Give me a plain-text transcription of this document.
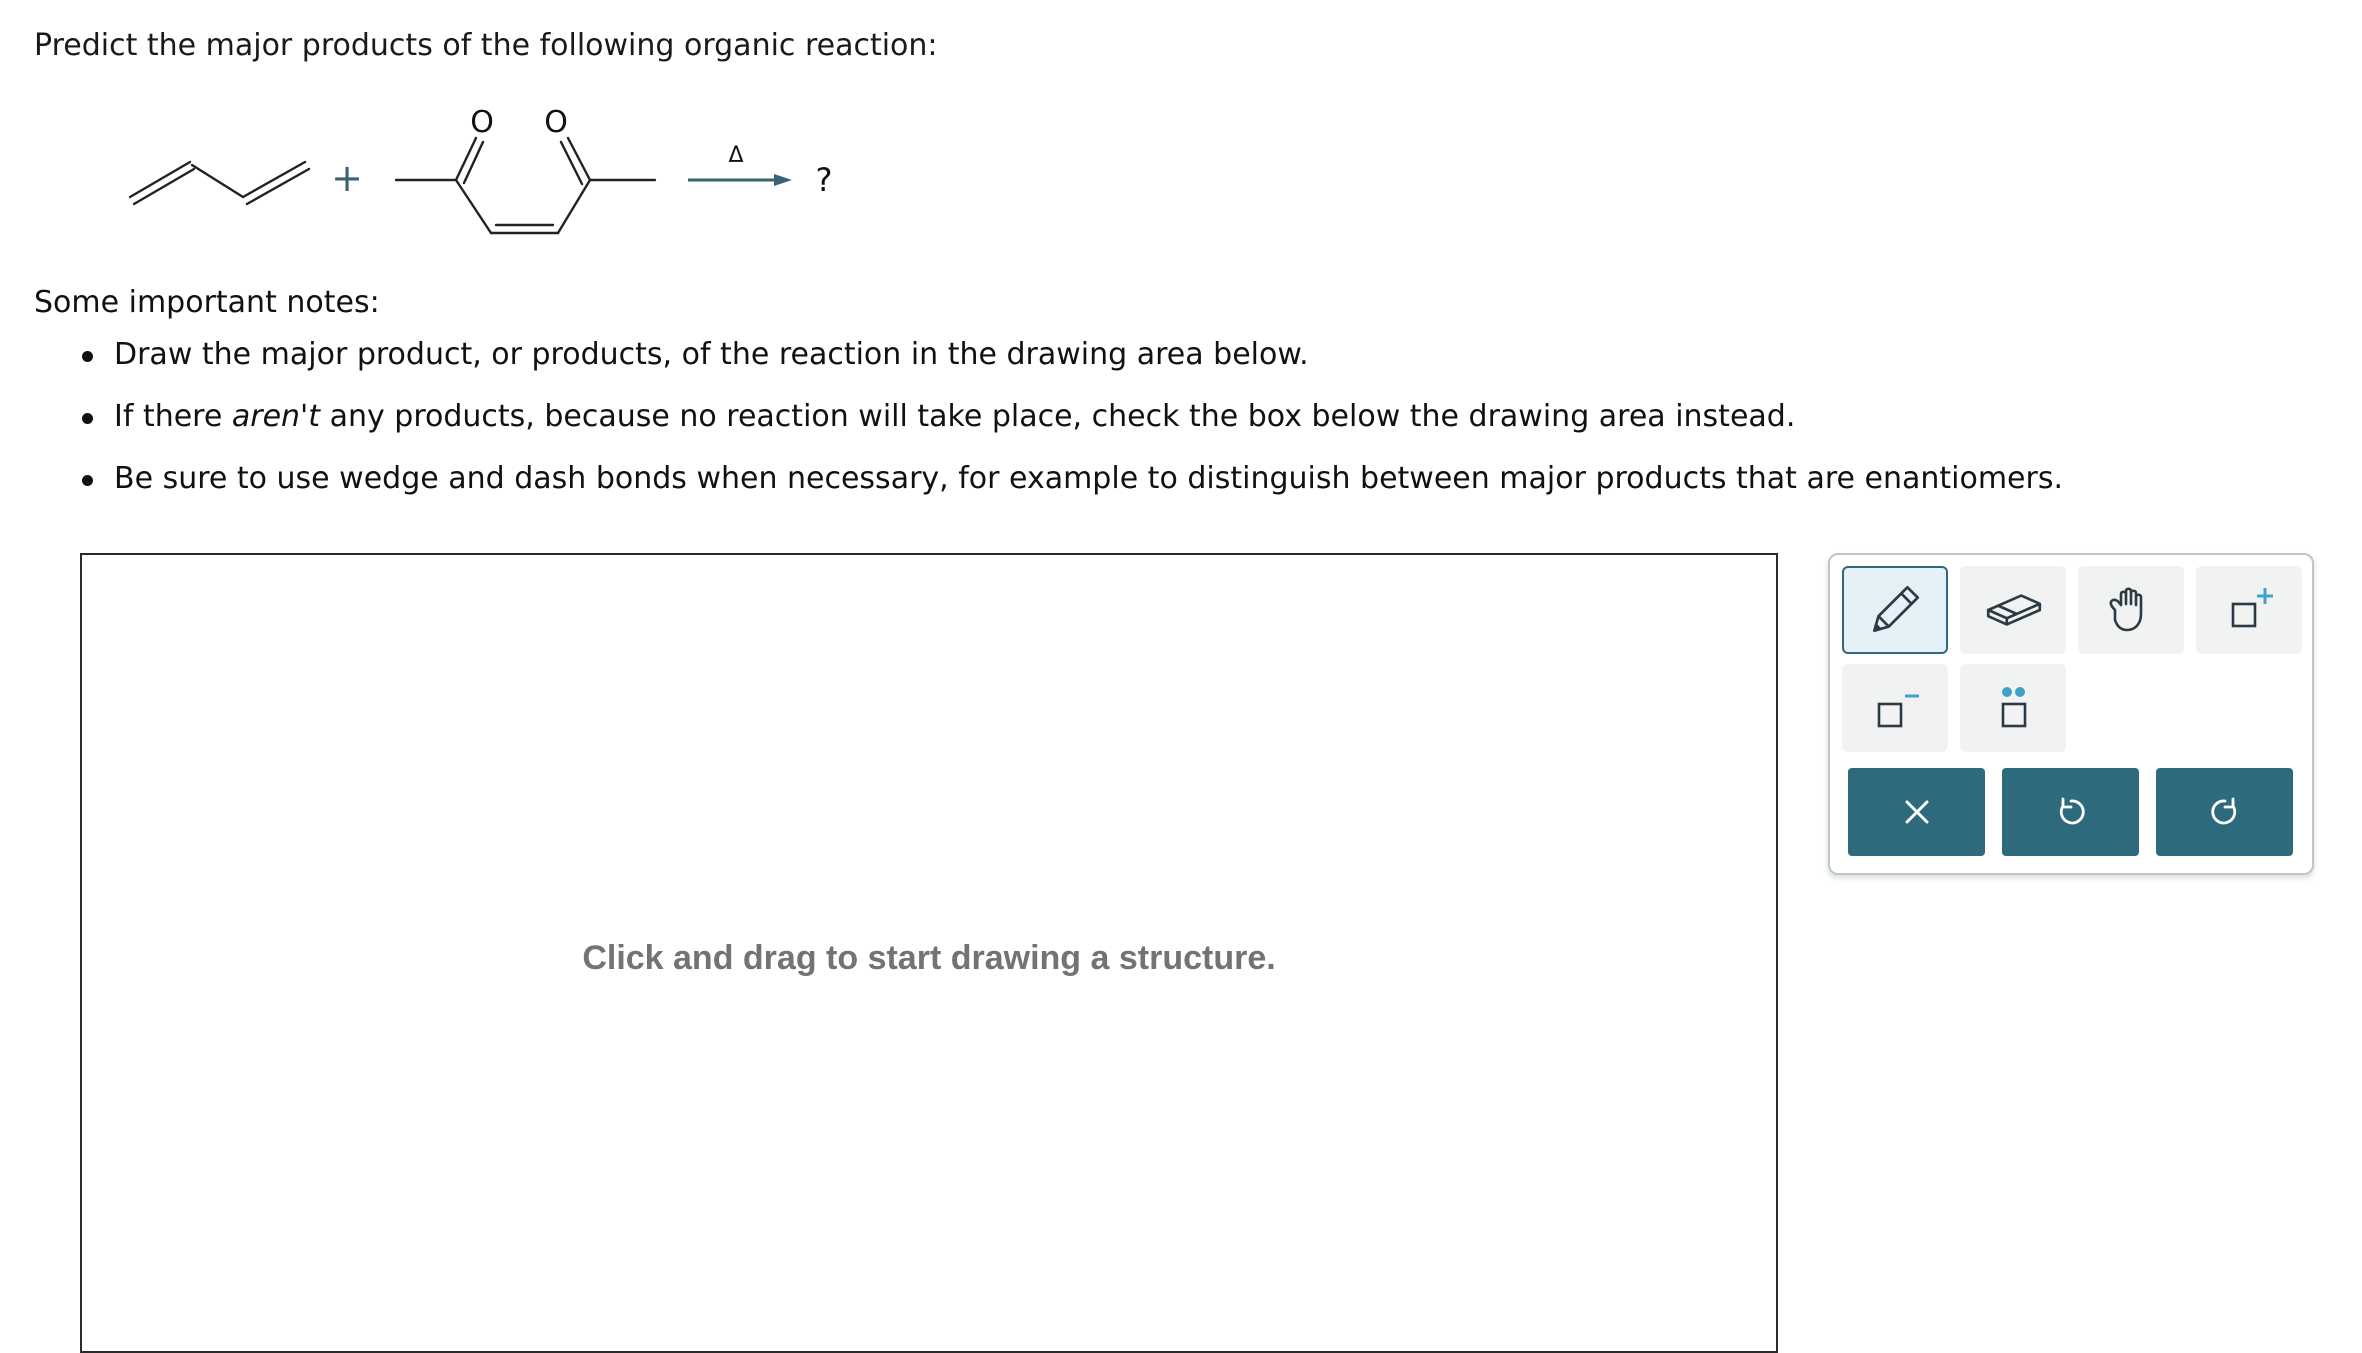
Predict the major products of the following organic reaction:
O O
+
Δ
?
Some important notes:
Draw the major product, or products, of the reaction in the drawing area below.
If there aren't any products, because no reaction will take place, check the box below the drawing area instead.
Be sure to use wedge and dash bonds when necessary, for example to distinguish between major products that are enantiomers.
Click and drag to start drawing a structure.
